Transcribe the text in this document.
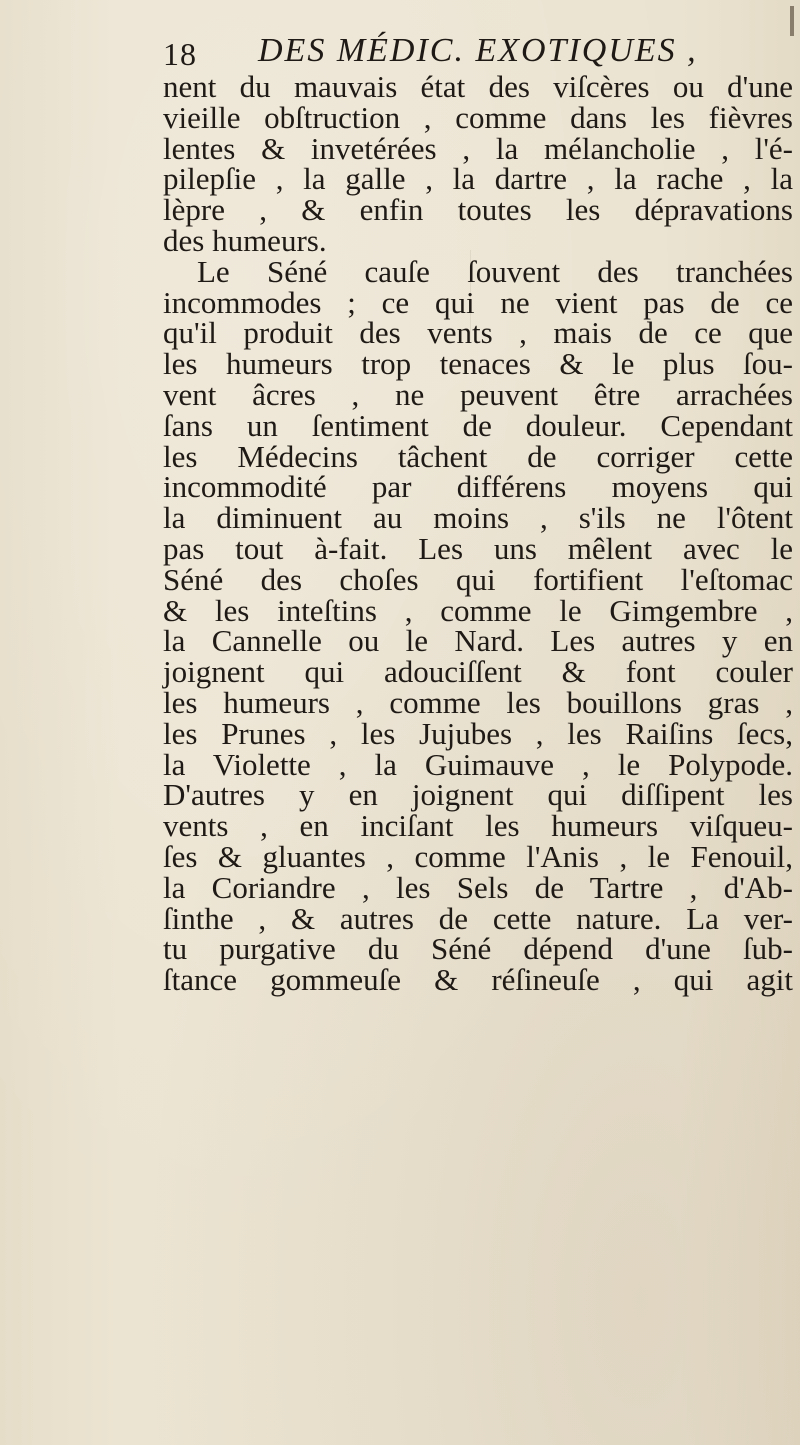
18 DES MÉDIC. EXOTIQUES ,
nent du mauvais état des viſcères ou d'une
vieille obſtruction , comme dans les fièvres
lentes & invetérées , la mélancholie , l'é-
pilepſie , la galle , la dartre , la rache , la
lèpre , & enfin toutes les dépravations
des humeurs.
Le Séné cauſe ſouvent des tranchées
incommodes ; ce qui ne vient pas de ce
qu'il produit des vents , mais de ce que
les humeurs trop tenaces & le plus ſou-
vent âcres , ne peuvent être arrachées
ſans un ſentiment de douleur. Cependant
les Médecins tâchent de corriger cette
incommodité par différens moyens qui
la diminuent au moins , s'ils ne l'ôtent
pas tout à-fait. Les uns mêlent avec le
Séné des choſes qui fortifient l'eſtomac
& les inteſtins , comme le Gimgembre ,
la Cannelle ou le Nard. Les autres y en
joignent qui adouciſſent & font couler
les humeurs , comme les bouillons gras ,
les Prunes , les Jujubes , les Raiſins ſecs,
la Violette , la Guimauve , le Polypode.
D'autres y en joignent qui diſſipent les
vents , en inciſant les humeurs viſqueu-
ſes & gluantes , comme l'Anis , le Fenouil,
la Coriandre , les Sels de Tartre , d'Ab-
ſinthe , & autres de cette nature. La ver-
tu purgative du Séné dépend d'une ſub-
ſtance gommeuſe & réſineuſe , qui agit
